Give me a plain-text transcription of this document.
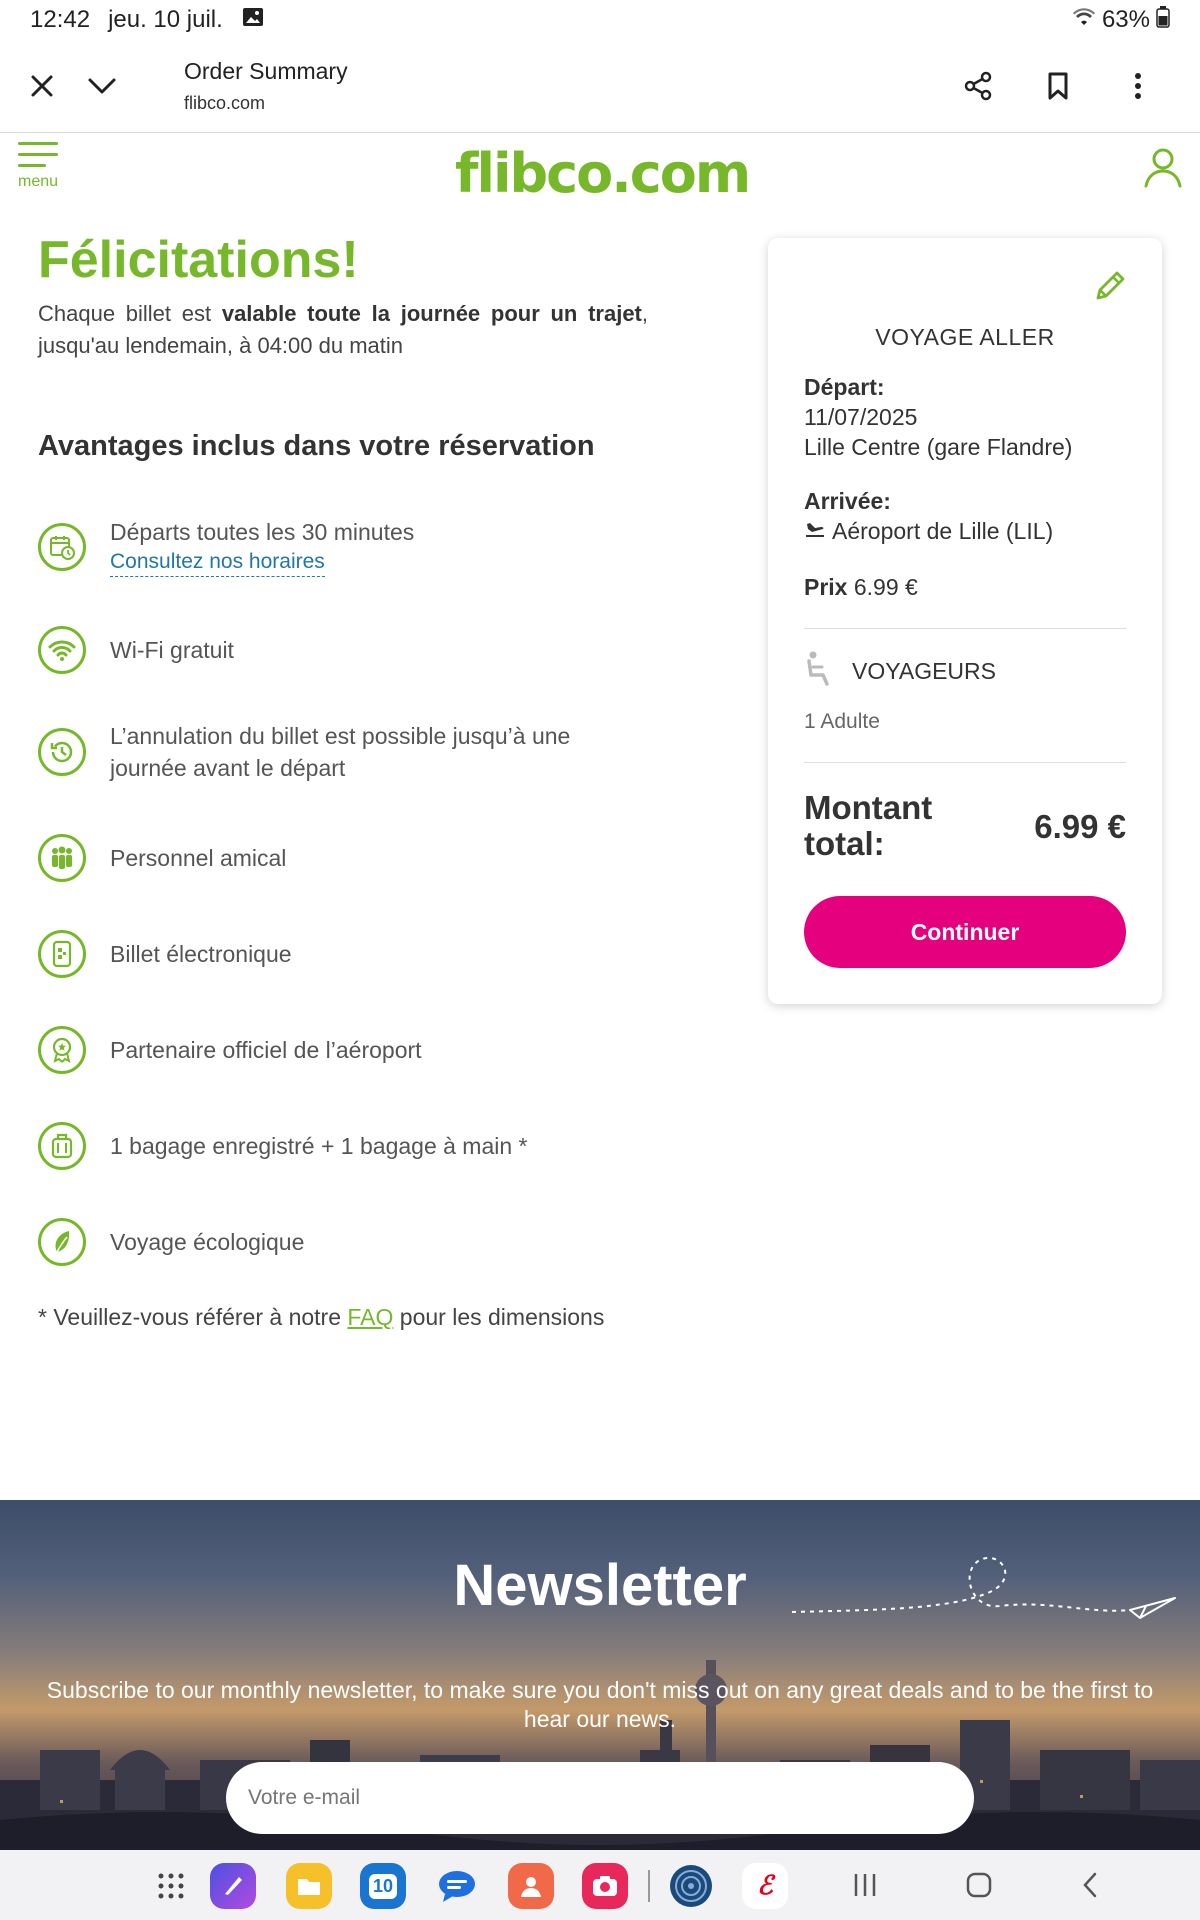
12:42 jeu. 10 juil.	63%
Order Summary
flibco.com
menu	flibco.com
Félicitations!

Chaque billet est valable toute la journée pour un trajet, jusqu'au lendemain, à 04:00 du matin

Avantages inclus dans votre réservation
Départs toutes les 30 minutes
Consultez nos horaires
Wi-Fi gratuit
L’annulation du billet est possible jusqu’à une journée avant le départ
Personnel amical
Billet électronique
Partenaire officiel de l’aéroport
1 bagage enregistré + 1 bagage à main *
Voyage écologique

* Veuillez-vous référer à notre FAQ pour les dimensions

VOYAGE ALLER
Départ:
11/07/2025
Lille Centre (gare Flandre)
Arrivée:
Aéroport de Lille (LIL)
Prix 6.99 €
VOYAGEURS
1 Adulte
Montant total:	6.99 €
Continuer
Newsletter
Subscribe to our monthly newsletter, to make sure you don't miss out on any great deals and to be the first to hear our news.
Votre e-mail
10	ℰ
